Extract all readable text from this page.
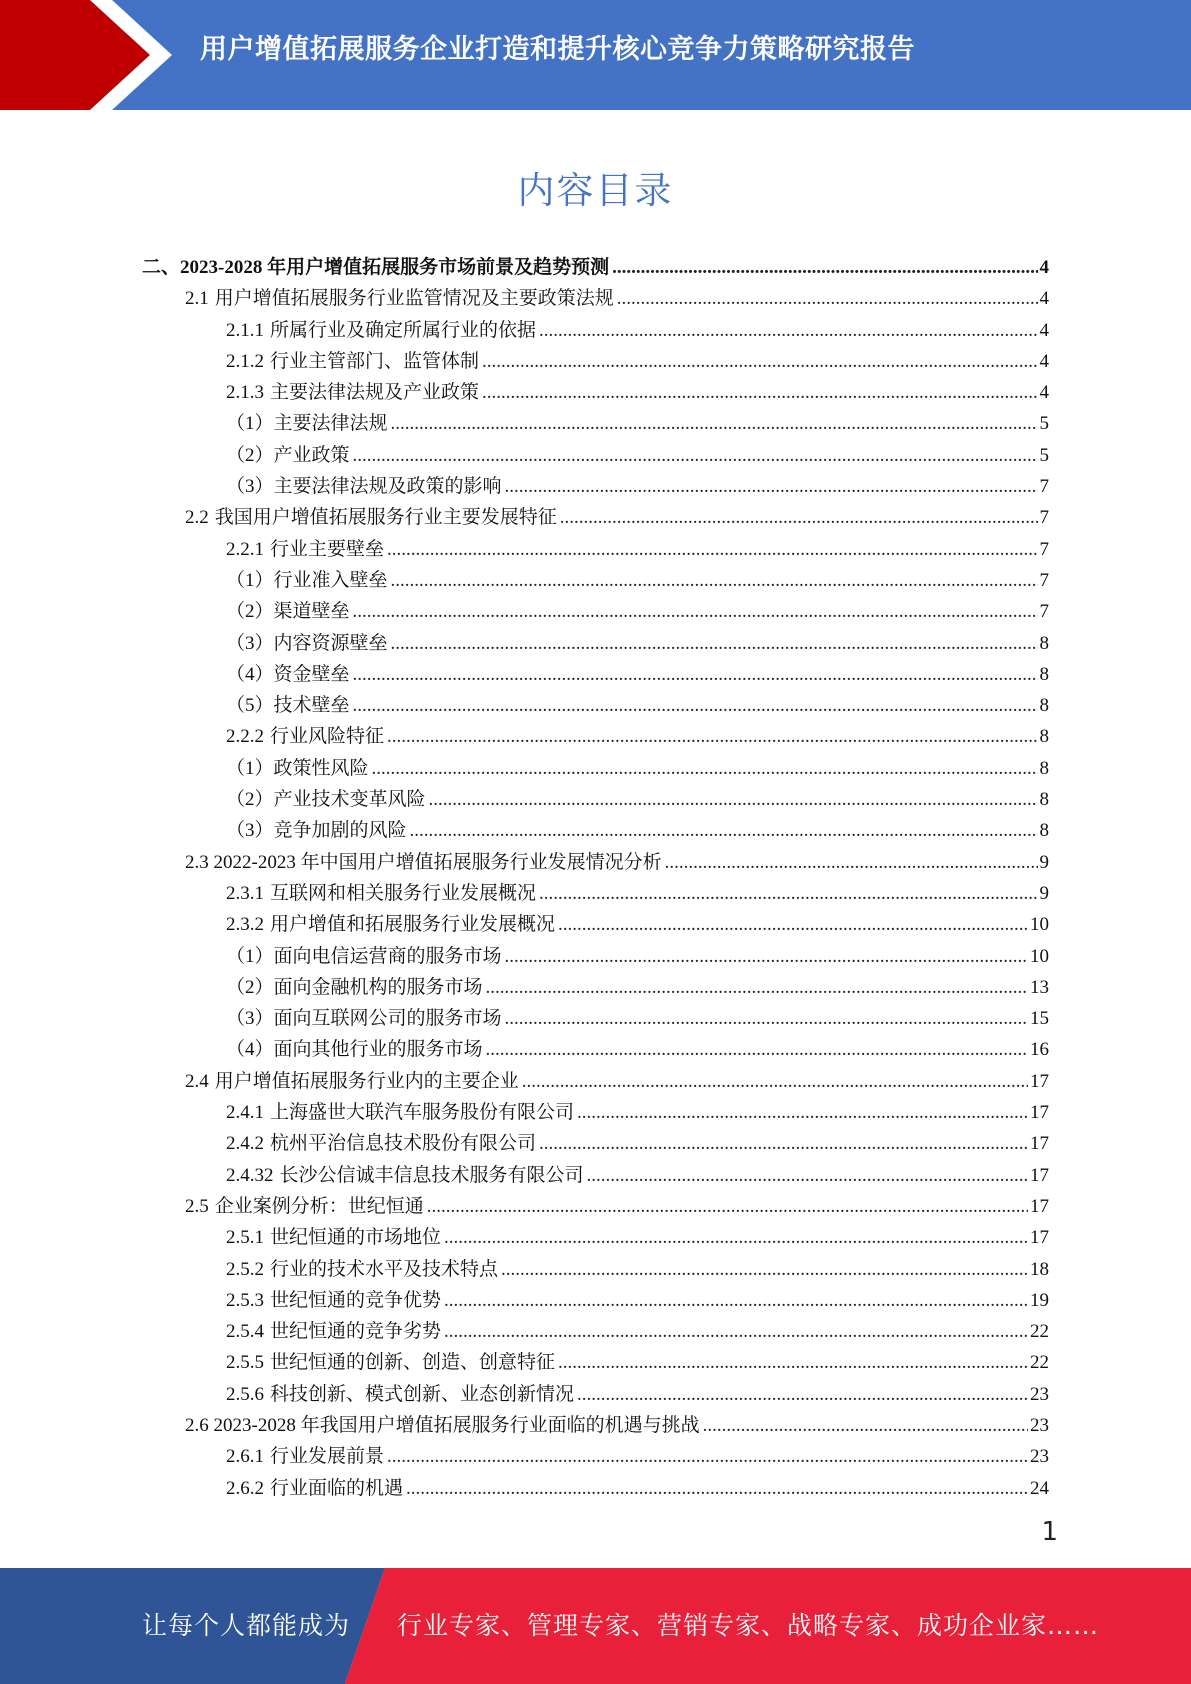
用户增值拓展服务企业打造和提升核心竞争力策略研究报告
内容目录
二、2023-2028 年用户增值拓展服务市场前景及趋势预测 .....	4
2.1 用户增值拓展服务行业监管情况及主要政策法规 .....	4
2.1.1 所属行业及确定所属行业的依据 .....	4
2.1.2 行业主管部门、监管体制 .....	4
2.1.3 主要法律法规及产业政策 .....	4
（1）主要法律法规 .....	5
（2）产业政策 .....	5
（3）主要法律法规及政策的影响 .....	7
2.2 我国用户增值拓展服务行业主要发展特征 .....	7
2.2.1 行业主要壁垒 .....	7
（1）行业准入壁垒 .....	7
（2）渠道壁垒 .....	7
（3）内容资源壁垒 .....	8
（4）资金壁垒 .....	8
（5）技术壁垒 .....	8
2.2.2 行业风险特征 .....	8
（1）政策性风险 .....	8
（2）产业技术变革风险 .....	8
（3）竞争加剧的风险 .....	8
2.3 2022-2023 年中国用户增值拓展服务行业发展情况分析 .....	9
2.3.1 互联网和相关服务行业发展概况 .....	9
2.3.2 用户增值和拓展服务行业发展概况 .....	10
（1）面向电信运营商的服务市场 .....	10
（2）面向金融机构的服务市场 .....	13
（3）面向互联网公司的服务市场 .....	15
（4）面向其他行业的服务市场 .....	16
2.4 用户增值拓展服务行业内的主要企业 .....	17
2.4.1 上海盛世大联汽车服务股份有限公司 .....	17
2.4.2 杭州平治信息技术股份有限公司 .....	17
2.4.32 长沙公信诚丰信息技术服务有限公司 .....	17
2.5 企业案例分析：世纪恒通 .....	17
2.5.1 世纪恒通的市场地位 .....	17
2.5.2 行业的技术水平及技术特点 .....	18
2.5.3 世纪恒通的竞争优势 .....	19
2.5.4 世纪恒通的竞争劣势 .....	22
2.5.5 世纪恒通的创新、创造、创意特征 .....	22
2.5.6 科技创新、模式创新、业态创新情况 .....	23
2.6 2023-2028 年我国用户增值拓展服务行业面临的机遇与挑战 .....	23
2.6.1 行业发展前景 .....	23
2.6.2 行业面临的机遇 .....	24
1
让每个人都能成为 行业专家、管理专家、营销专家、战略专家、成功企业家……
